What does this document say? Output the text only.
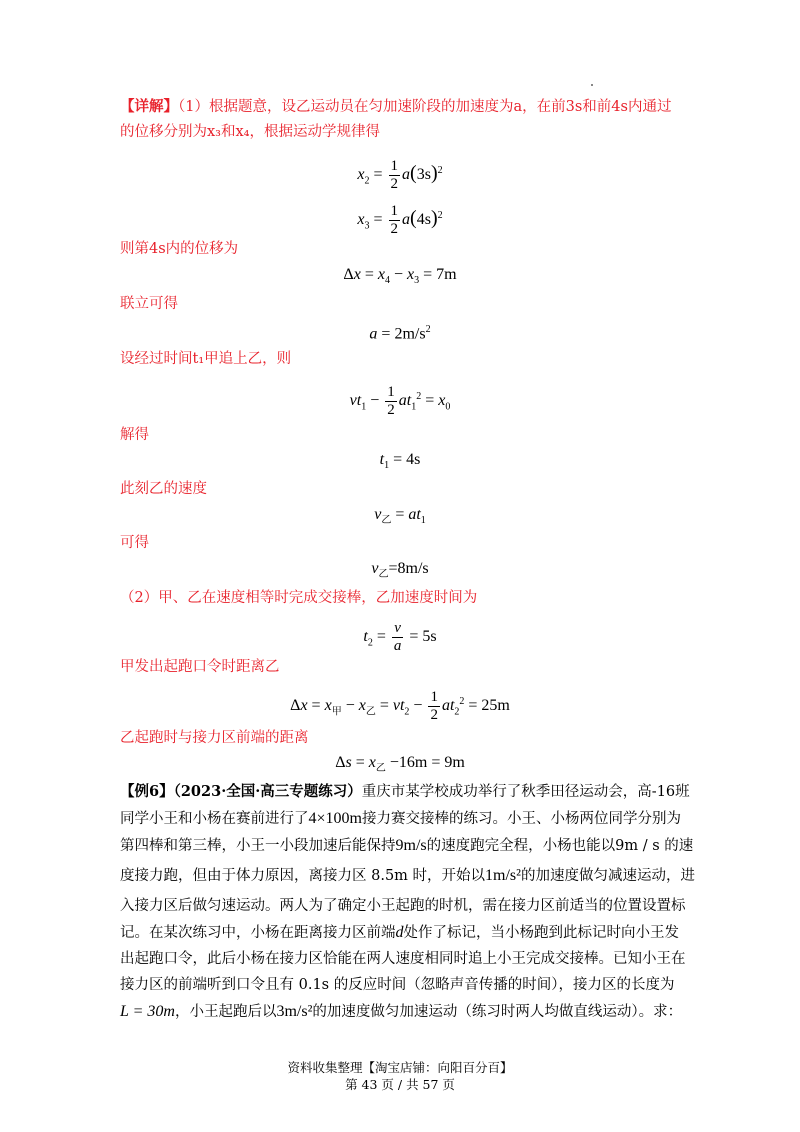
【详解】（1）根据题意，设乙运动员在匀加速阶段的加速度为a，在前3s和前4s内通过
的位移分别为x₃和x₄，根据运动学规律得
$x_2 = \frac{1}{2} a(3s)^2$
$x_3 = \frac{1}{2} a(4s)^2$
则第4s内的位移为
$\Delta x = x_4 - x_3 = 7m$
联立可得
$a = 2m/s^2$
设经过时间t₁甲追上乙，则
$vt_1 - \frac{1}{2} at_1^2 = x_0$
解得
$t_1 = 4s$
此刻乙的速度
$v_乙 = at_1$
可得
$v_乙=8m/s$
（2）甲、乙在速度相等时完成交接棒，乙加速度时间为
$t_2 = \frac{v}{a} = 5s$
甲发出起跑口令时距离乙
$\Delta x = x_甲 - x_乙 = vt_2 - \frac{1}{2} at_2^2 = 25m$
乙起跑时与接力区前端的距离
$\Delta s = x_乙 -16m = 9m$
【例6】（2023·全国·高三专题练习）重庆市某学校成功举行了秋季田径运动会，高-16班
同学小王和小杨在赛前进行了4×100m接力赛交接棒的练习。小王、小杨两位同学分别为
第四棒和第三棒，小王一小段加速后能保持9m/s的速度跑完全程，小杨也能以9m / s 的速
度接力跑，但由于体力原因，离接力区 8.5m 时，开始以1m/s²的加速度做匀减速运动，进
入接力区后做匀速运动。两人为了确定小王起跑的时机，需在接力区前适当的位置设置标
记。在某次练习中，小杨在距离接力区前端d处作了标记，当小杨跑到此标记时向小王发
出起跑口令，此后小杨在接力区恰能在两人速度相同时追上小王完成交接棒。已知小王在
接力区的前端听到口令且有 0.1s 的反应时间（忽略声音传播的时间），接力区的长度为
L = 30m，小王起跑后以3m/s²的加速度做匀加速运动（练习时两人均做直线运动）。求：
资料收集整理【淘宝店铺：向阳百分百】
第 43 页 / 共 57 页
